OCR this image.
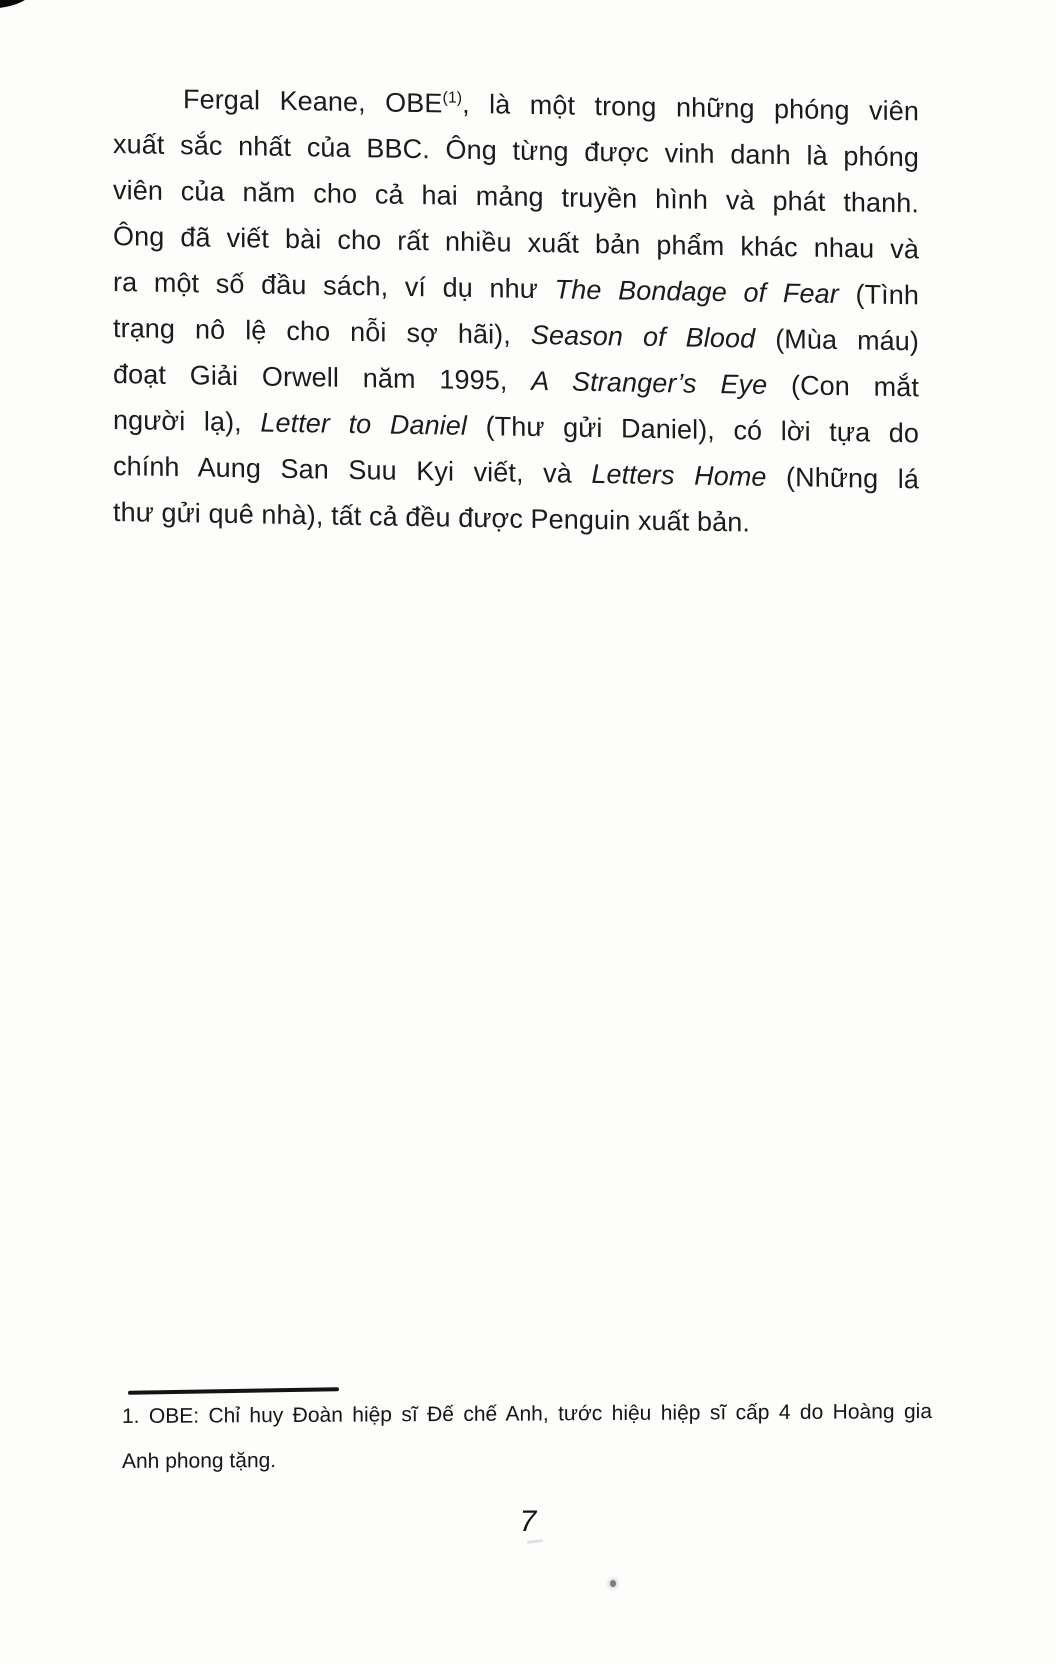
Fergal Keane, OBE$^{(1)}$, là một trong những phóng viên
xuất sắc nhất của BBC. Ông từng được vinh danh là phóng
viên của năm cho cả hai mảng truyền hình và phát thanh.
Ông đã viết bài cho rất nhiều xuất bản phẩm khác nhau và
ra một số đầu sách, ví dụ như The Bondage of Fear (Tình
trạng nô lệ cho nỗi sợ hãi), Season of Blood (Mùa máu)
đoạt Giải Orwell năm 1995, A Stranger’s Eye (Con mắt
người lạ), Letter to Daniel (Thư gửi Daniel), có lời tựa do
chính Aung San Suu Kyi viết, và Letters Home (Những lá
thư gửi quê nhà), tất cả đều được Penguin xuất bản.
1. OBE: Chỉ huy Đoàn hiệp sĩ Đế chế Anh, tước hiệu hiệp sĩ cấp 4 do Hoàng gia
Anh phong tặng.
7
